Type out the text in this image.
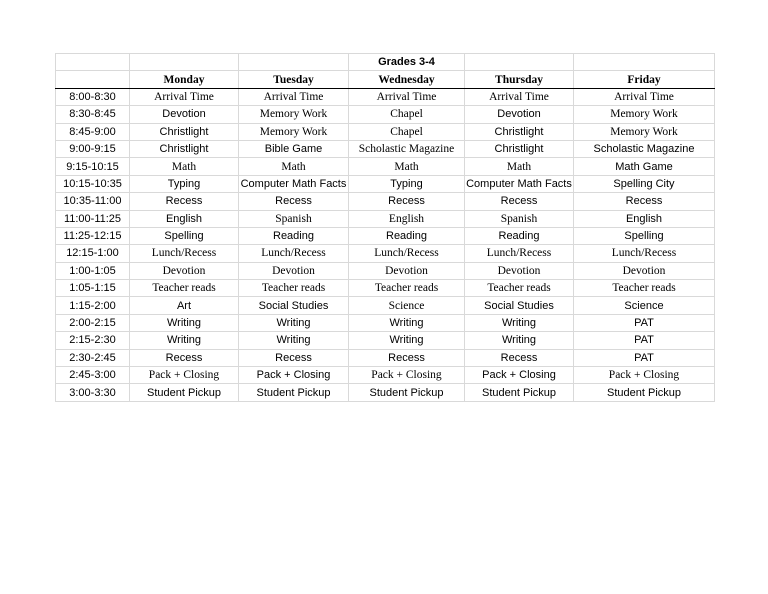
			Grades 3-4		
	Monday	Tuesday	Wednesday	Thursday	Friday
8:00-8:30	Arrival Time	Arrival Time	Arrival Time	Arrival Time	Arrival Time
8:30-8:45	Devotion	Memory Work	Chapel	Devotion	Memory Work
8:45-9:00	Christlight	Memory Work	Chapel	Christlight	Memory Work
9:00-9:15	Christlight	Bible Game	Scholastic Magazine	Christlight	Scholastic Magazine
9:15-10:15	Math	Math	Math	Math	Math Game
10:15-10:35	Typing	Computer Math Facts	Typing	Computer Math Facts	Spelling City
10:35-11:00	Recess	Recess	Recess	Recess	Recess
11:00-11:25	English	Spanish	English	Spanish	English
11:25-12:15	Spelling	Reading	Reading	Reading	Spelling
12:15-1:00	Lunch/Recess	Lunch/Recess	Lunch/Recess	Lunch/Recess	Lunch/Recess
1:00-1:05	Devotion	Devotion	Devotion	Devotion	Devotion
1:05-1:15	Teacher reads	Teacher reads	Teacher reads	Teacher reads	Teacher reads
1:15-2:00	Art	Social Studies	Science	Social Studies	Science
2:00-2:15	Writing	Writing	Writing	Writing	PAT
2:15-2:30	Writing	Writing	Writing	Writing	PAT
2:30-2:45	Recess	Recess	Recess	Recess	PAT
2:45-3:00	Pack + Closing	Pack + Closing	Pack + Closing	Pack + Closing	Pack + Closing
3:00-3:30	Student Pickup	Student Pickup	Student Pickup	Student Pickup	Student Pickup
